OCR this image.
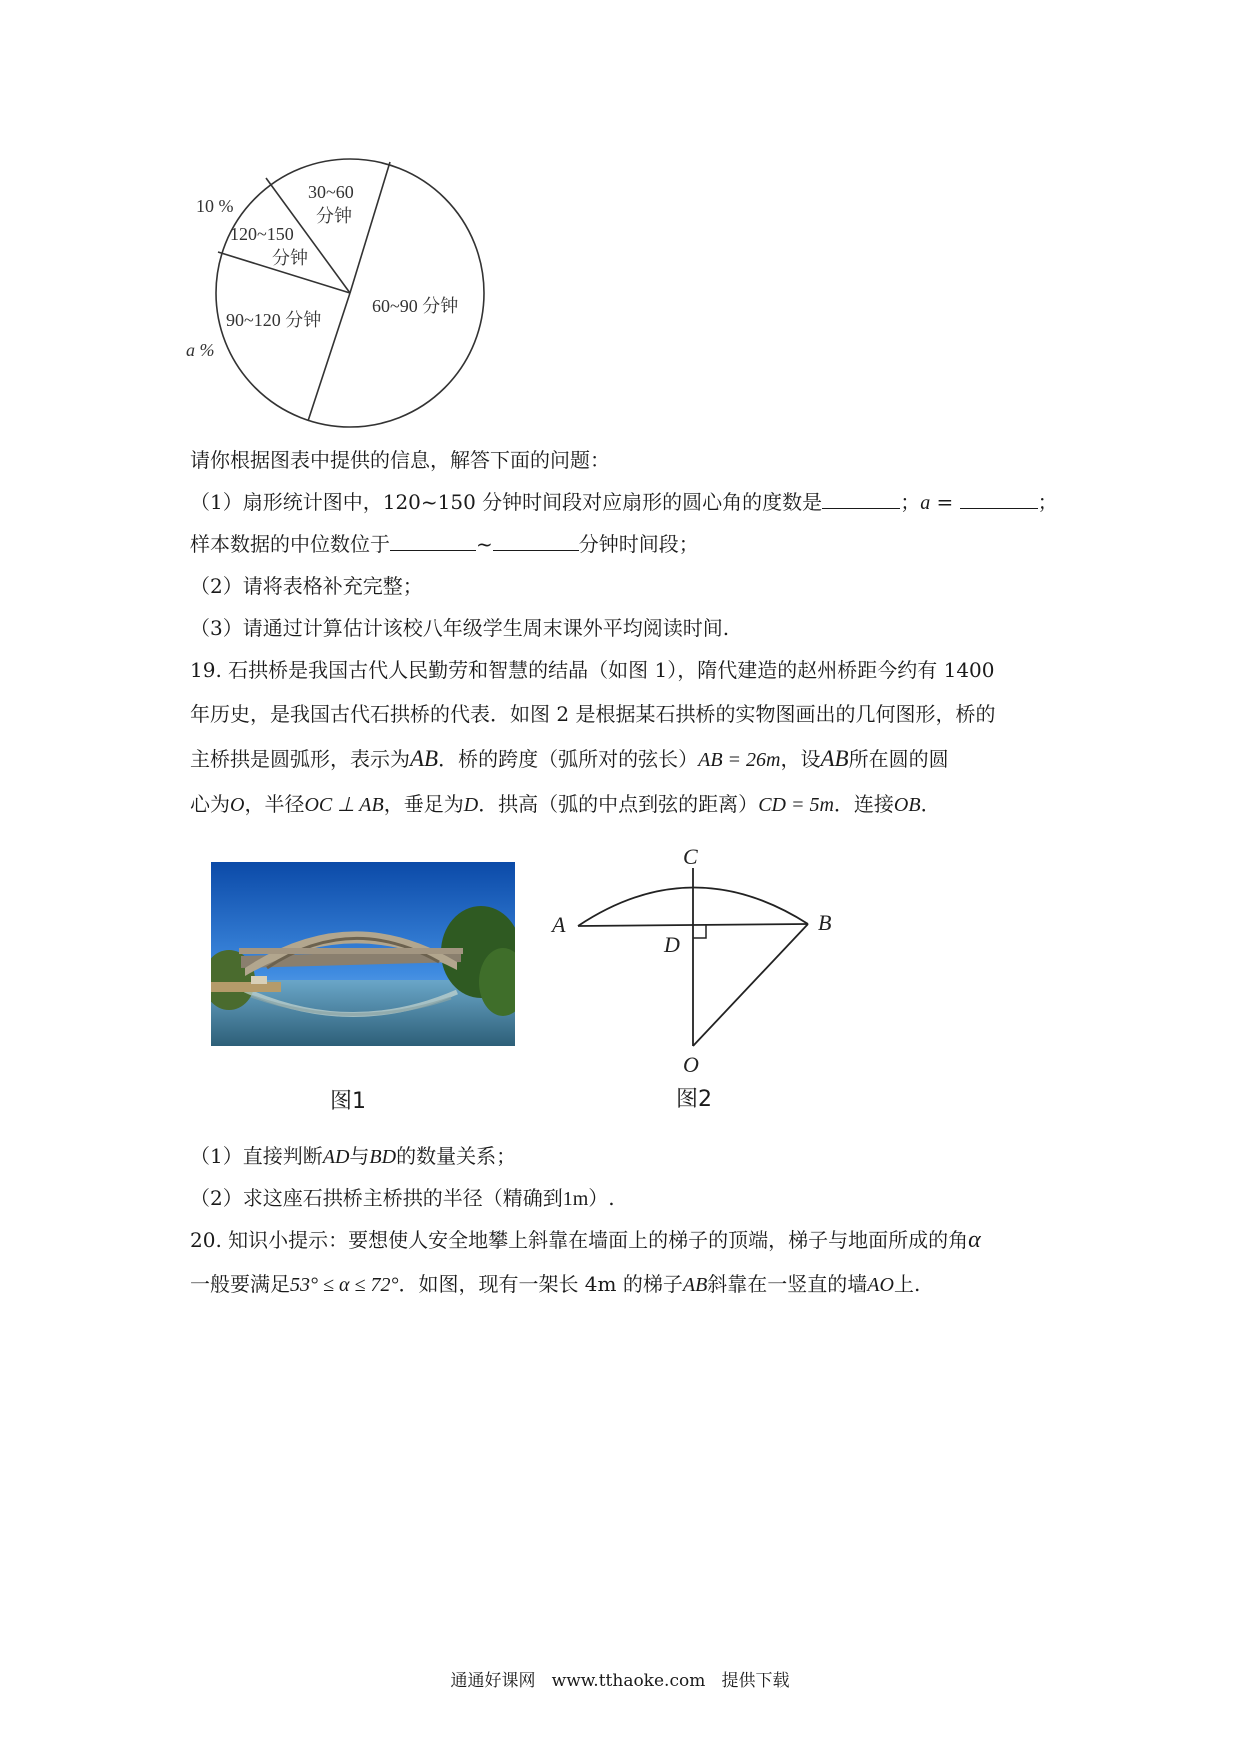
10 %
a %
30~60
分钟
120~150
分钟
90~120 分钟
60~90 分钟
请你根据图表中提供的信息，解答下面的问题：
（1）扇形统计图中，120~150 分钟时间段对应扇形的圆心角的度数是	；a =	；
样本数据的中位数位于	~	分钟时间段；
（2）请将表格补充完整；
（3）请通过计算估计该校八年级学生周末课外平均阅读时间.
19. 石拱桥是我国古代人民勤劳和智慧的结晶（如图 1），隋代建造的赵州桥距今约有 1400
年历史，是我国古代石拱桥的代表．如图 2 是根据某石拱桥的实物图画出的几何图形，桥的
主桥拱是圆弧形，表示为AB．桥的跨度（弧所对的弦长）AB = 26m，设AB所在圆的圆
心为O，半径OC ⊥ AB，垂足为D．拱高（弧的中点到弦的距离）CD = 5m．连接OB．
图1
C
A	B
D
O
图2
（1）直接判断AD与BD的数量关系；
（2）求这座石拱桥主桥拱的半径（精确到1m）.
20. 知识小提示：要想使人安全地攀上斜靠在墙面上的梯子的顶端，梯子与地面所成的角α
一般要满足53° ≤ α ≤ 72°．如图，现有一架长 4m 的梯子AB斜靠在一竖直的墙AO上.
通通好课网   www.tthaoke.com   提供下载
